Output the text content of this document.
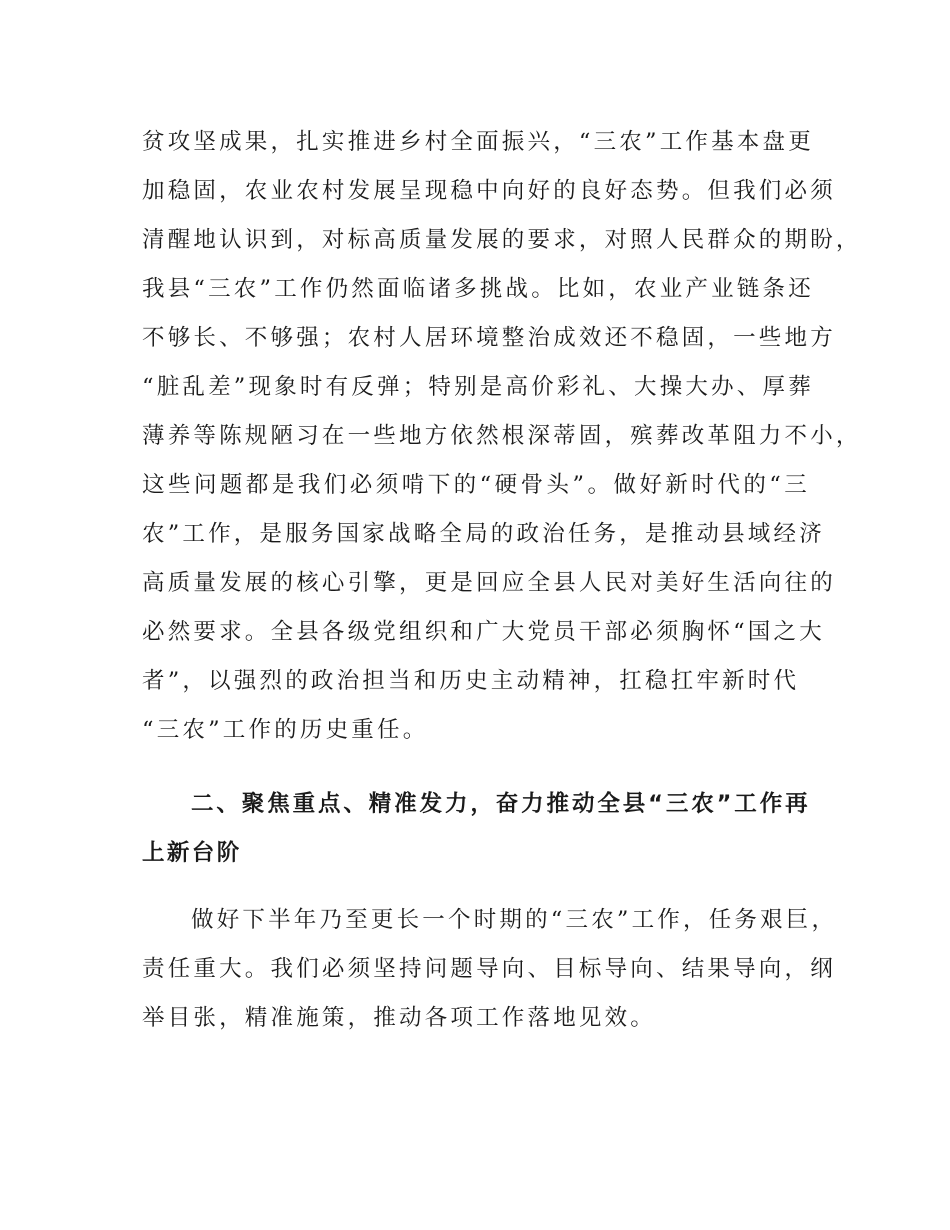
贫攻坚成果，扎实推进乡村全面振兴，“三农”工作基本盘更
加稳固，农业农村发展呈现稳中向好的良好态势。但我们必须
清醒地认识到，对标高质量发展的要求，对照人民群众的期盼，
我县“三农”工作仍然面临诸多挑战。比如，农业产业链条还
不够长、不够强；农村人居环境整治成效还不稳固，一些地方
“脏乱差”现象时有反弹；特别是高价彩礼、大操大办、厚葬
薄养等陈规陋习在一些地方依然根深蒂固，殡葬改革阻力不小，
这些问题都是我们必须啃下的“硬骨头”。做好新时代的“三
农”工作，是服务国家战略全局的政治任务，是推动县域经济
高质量发展的核心引擎，更是回应全县人民对美好生活向往的
必然要求。全县各级党组织和广大党员干部必须胸怀“国之大
者”，以强烈的政治担当和历史主动精神，扛稳扛牢新时代
“三农”工作的历史重任。
二、聚焦重点、精准发力，奋力推动全县“三农”工作再
上新台阶
做好下半年乃至更长一个时期的“三农”工作，任务艰巨，
责任重大。我们必须坚持问题导向、目标导向、结果导向，纲
举目张，精准施策，推动各项工作落地见效。
